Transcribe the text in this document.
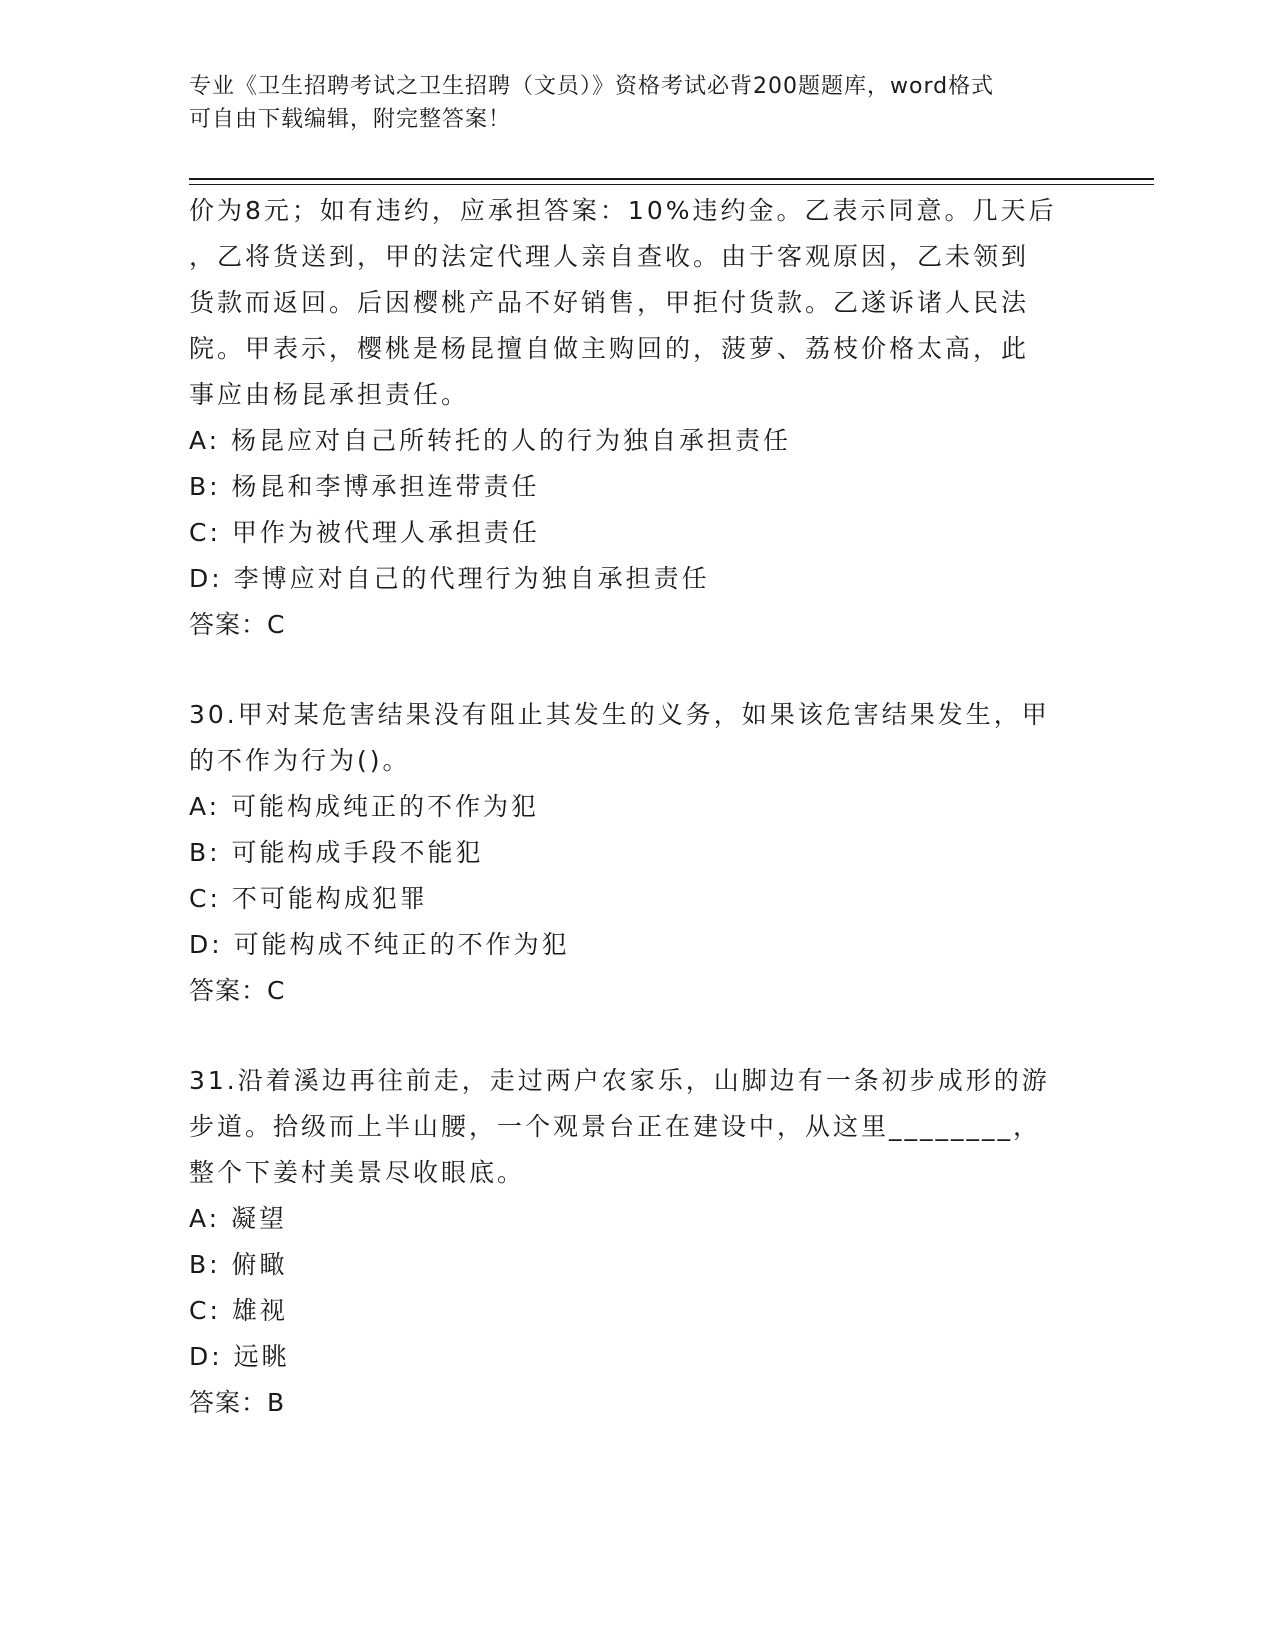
专业《卫生招聘考试之卫生招聘（文员）》资格考试必背200题题库，word格式
可自由下载编辑，附完整答案！

价为8元；如有违约，应承担答案：10%违约金。乙表示同意。几天后

，乙将货送到，甲的法定代理人亲自查收。由于客观原因，乙未领到

货款而返回。后因樱桃产品不好销售，甲拒付货款。乙遂诉诸人民法

院。甲表示，樱桃是杨昆擅自做主购回的，菠萝、荔枝价格太高，此

事应由杨昆承担责任。

A: 杨昆应对自己所转托的人的行为独自承担责任

B: 杨昆和李博承担连带责任

C: 甲作为被代理人承担责任

D: 李博应对自己的代理行为独自承担责任

答案：C

30.甲对某危害结果没有阻止其发生的义务，如果该危害结果发生，甲

的不作为行为()。

A: 可能构成纯正的不作为犯

B: 可能构成手段不能犯

C: 不可能构成犯罪

D: 可能构成不纯正的不作为犯

答案：C

31.沿着溪边再往前走，走过两户农家乐，山脚边有一条初步成形的游

步道。拾级而上半山腰，一个观景台正在建设中，从这里________，

整个下姜村美景尽收眼底。

A: 凝望

B: 俯瞰

C: 雄视

D: 远眺

答案：B
